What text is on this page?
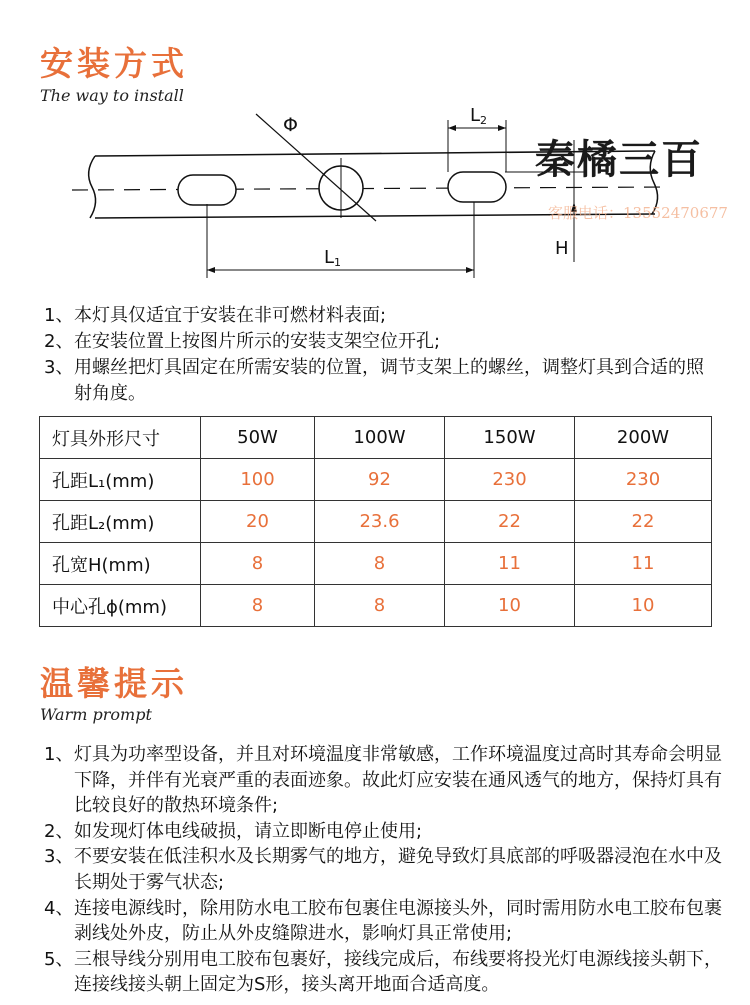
安装方式
The way to install
Φ	L2
L1
H
秦橘三百
客服电话：13552470677
1、 本灯具仅适宜于安装在非可燃材料表面;
2、 在安装位置上按图片所示的安装支架空位开孔;
3、 用螺丝把灯具固定在所需安装的位置，调节支架上的螺丝，调整灯具到合适的照射角度。
灯具外形尺寸	50W	100W	150W	200W
孔距L₁(mm)	100	92	230	230
孔距L₂(mm)	20	23.6	22	22
孔宽H(mm)	8	8	11	11
中心孔ϕ(mm)	8	8	10	10
温馨提示
Warm prompt
1、 灯具为功率型设备，并且对环境温度非常敏感，工作环境温度过高时其寿命会明显下降，并伴有光衰严重的表面迹象。故此灯应安装在通风透气的地方，保持灯具有比较良好的散热环境条件;
2、 如发现灯体电线破损，请立即断电停止使用;
3、 不要安装在低洼积水及长期雾气的地方，避免导致灯具底部的呼吸器浸泡在水中及长期处于雾气状态;
4、 连接电源线时，除用防水电工胶布包裹住电源接头外，同时需用防水电工胶布包裹剥线处外皮，防止从外皮缝隙进水，影响灯具正常使用;
5、 三根导线分别用电工胶布包裹好，接线完成后，布线要将投光灯电源线接头朝下，连接线接头朝上固定为S形，接头离开地面合适高度。
